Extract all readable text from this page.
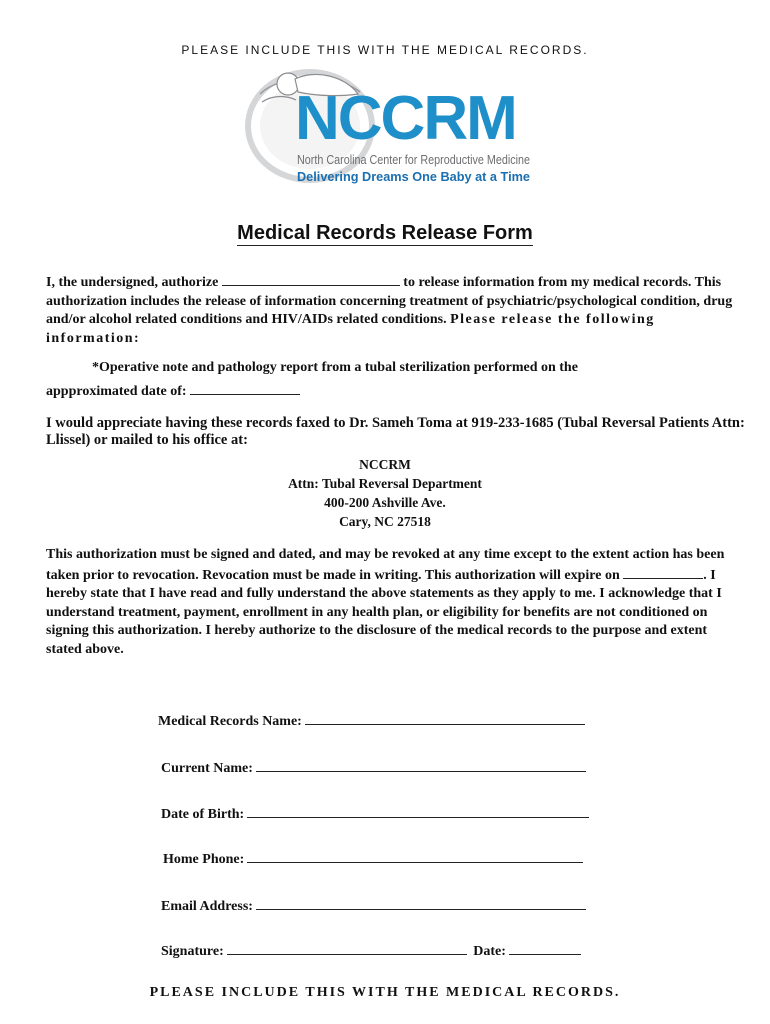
PLEASE INCLUDE THIS WITH THE MEDICAL RECORDS.
NCCRM
North Carolina Center for Reproductive Medicine
Delivering Dreams One Baby at a Time
Medical Records Release Form
I, the undersigned, authorize	to release information from my medical records. This authorization includes the release of information concerning treatment of psychiatric/psychological condition, drug and/or alcohol related conditions and HIV/AIDs related conditions. Please release the following information:
*Operative note and pathology report from a tubal sterilization performed on the
appproximated date of:
I would appreciate having these records faxed to Dr. Sameh Toma at 919-233-1685 (Tubal Reversal Patients Attn: Llissel) or mailed to his office at:
NCCRM
Attn: Tubal Reversal Department
400-200 Ashville Ave.
Cary, NC 27518
This authorization must be signed and dated, and may be revoked at any time except to the extent action has been taken prior to revocation. Revocation must be made in writing. This authorization will expire on	. I hereby state that I have read and fully understand the above statements as they apply to me. I acknowledge that I understand treatment, payment, enrollment in any health plan, or eligibility for benefits are not conditioned on signing this authorization. I hereby authorize to the disclosure of the medical records to the purpose and extent stated above.
Medical Records Name:
Current Name:
Date of Birth:
Home Phone:
Email Address:
Signature:	Date:
PLEASE INCLUDE THIS WITH THE MEDICAL RECORDS.
